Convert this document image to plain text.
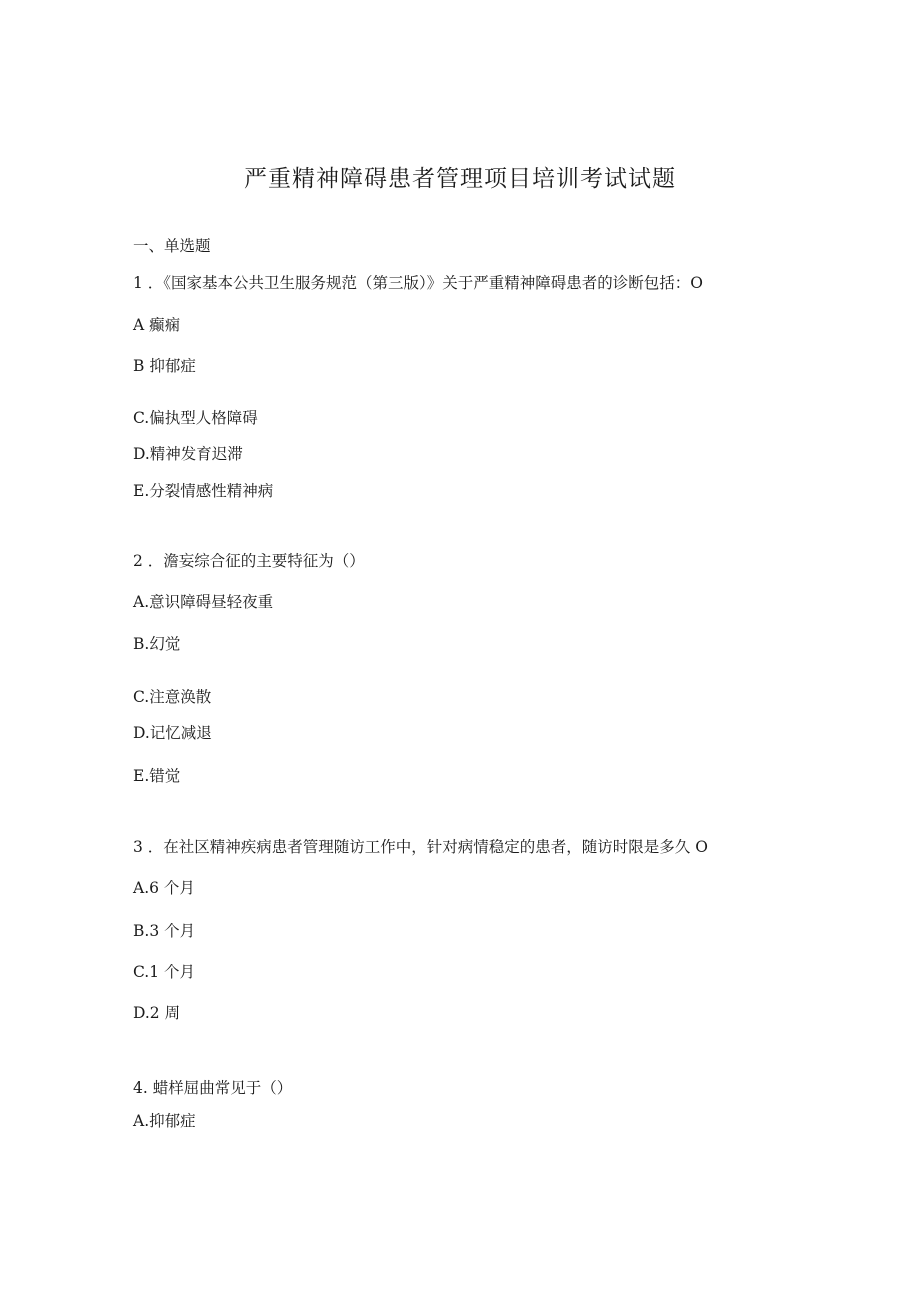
严重精神障碍患者管理项目培训考试试题
一、单选题
1 ．《国家基本公共卫生服务规范（第三版）》关于严重精神障碍患者的诊断包括：O
A 癫痫
B 抑郁症
C.偏执型人格障碍
D.精神发育迟滞
E.分裂情感性精神病
2 ．澹妄综合征的主要特征为（）
A.意识障碍昼轻夜重
B.幻觉
C.注意涣散
D.记忆减退
E.错觉
3 ．在社区精神疾病患者管理随访工作中，针对病情稳定的患者，随访时限是多久 O
A.6 个月
B.3 个月
C.1 个月
D.2 周
4. 蜡样屈曲常见于（）
A.抑郁症
